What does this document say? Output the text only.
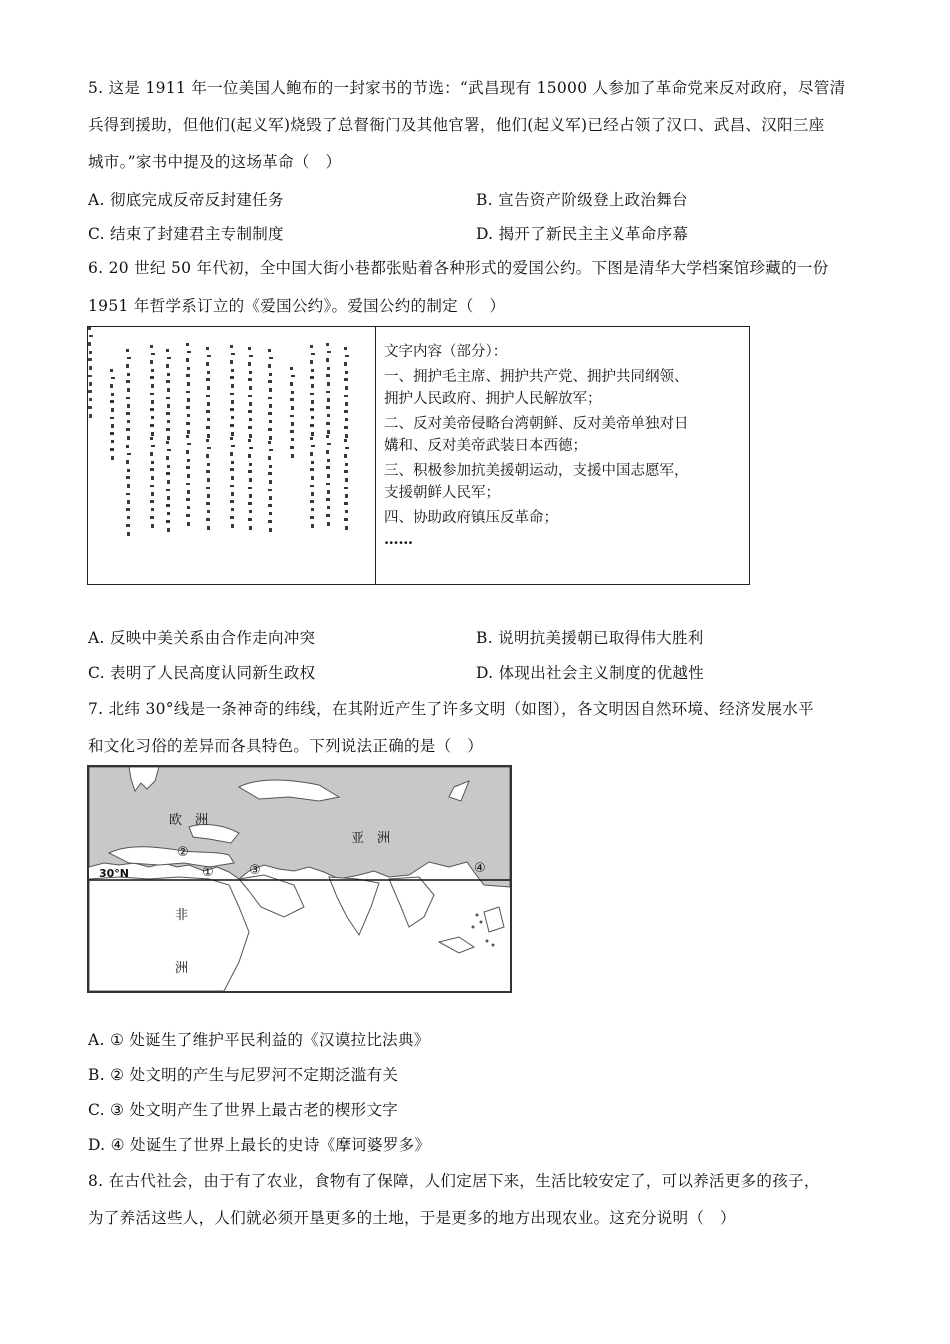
5. 这是 1911 年一位美国人鲍布的一封家书的节选：“武昌现有 15000 人参加了革命党来反对政府，尽管清
兵得到援助，但他们(起义军)烧毁了总督衙门及其他官署，他们(起义军)已经占领了汉口、武昌、汉阳三座
城市。”家书中提及的这场革命（　）
A. 彻底完成反帝反封建任务	B. 宣告资产阶级登上政治舞台
C. 结束了封建君主专制制度	D. 揭开了新民主主义革命序幕
6. 20 世纪 50 年代初，全中国大街小巷都张贴着各种形式的爱国公约。下图是清华大学档案馆珍藏的一份
1951 年哲学系订立的《爱国公约》。爱国公约的制定（　）
文字内容（部分）：
一、拥护毛主席、拥护共产党、拥护共同纲领、
拥护人民政府、拥护人民解放军；
二、反对美帝侵略台湾朝鲜、反对美帝单独对日
媾和、反对美帝武装日本西德；
三、积极参加抗美援朝运动，支援中国志愿军，
支援朝鲜人民军；
四、协助政府镇压反革命；
……
A. 反映中美关系由合作走向冲突	B. 说明抗美援朝已取得伟大胜利
C. 表明了人民高度认同新生政权	D. 体现出社会主义制度的优越性
7. 北纬 30°线是一条神奇的纬线，在其附近产生了许多文明（如图），各文明因自然环境、经济发展水平
和文化习俗的差异而各具特色。下列说法正确的是（　）
欧　洲
亚　洲
非
洲
30°N	①
②
③	④
A. ① 处诞生了维护平民利益的《汉谟拉比法典》
B. ② 处文明的产生与尼罗河不定期泛滥有关
C. ③ 处文明产生了世界上最古老的楔形文字
D. ④ 处诞生了世界上最长的史诗《摩诃婆罗多》
8. 在古代社会，由于有了农业，食物有了保障，人们定居下来，生活比较安定了，可以养活更多的孩子，
为了养活这些人，人们就必须开垦更多的土地，于是更多的地方出现农业。这充分说明（　）
